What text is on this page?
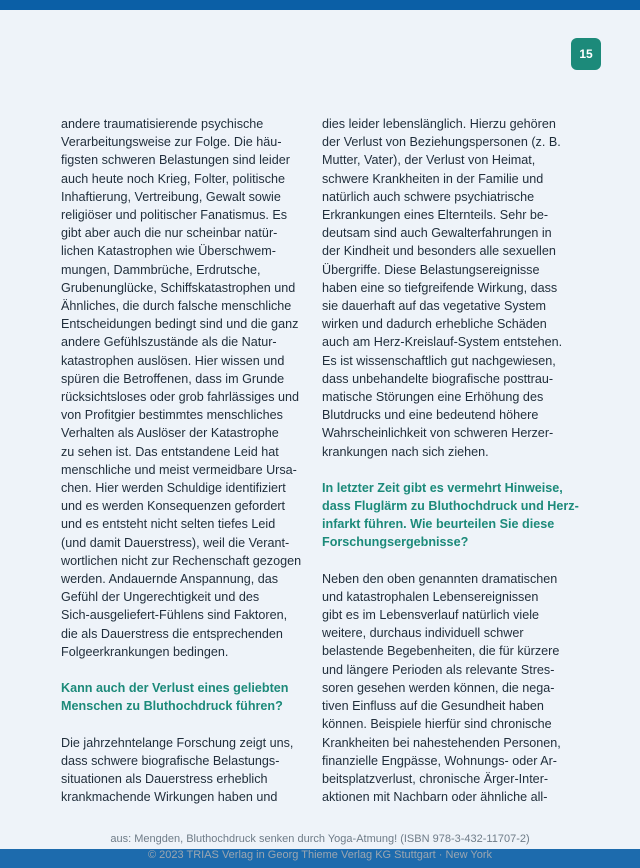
15

andere traumatisierende psychische

Verarbeitungsweise zur Folge. Die häu-

figsten schweren Belastungen sind leider

auch heute noch Krieg, Folter, politische

Inhaftierung, Vertreibung, Gewalt sowie

religiöser und politischer Fanatismus. Es

gibt aber auch die nur scheinbar natür-

lichen Katastrophen wie Überschwem-

mungen, Dammbrüche, Erdrutsche,

Grubenunglücke, Schiffskatastrophen und

Ähnliches, die durch falsche menschliche

Entscheidungen bedingt sind und die ganz

andere Gefühlszustände als die Natur-

katastrophen auslösen. Hier wissen und

spüren die Betroffenen, dass im Grunde

rücksichtsloses oder grob fahrlässiges und

von Profitgier bestimmtes menschliches

Verhalten als Auslöser der Katastrophe

zu sehen ist. Das entstandene Leid hat

menschliche und meist vermeidbare Ursa-

chen. Hier werden Schuldige identifiziert

und es werden Konsequenzen gefordert

und es entsteht nicht selten tiefes Leid

(und damit Dauerstress), weil die Verant-

wortlichen nicht zur Rechenschaft gezogen

werden. Andauernde Anspannung, das

Gefühl der Ungerechtigkeit und des

Sich-ausgeliefert-Fühlens sind Faktoren,

die als Dauerstress die entsprechenden

Folgeerkrankungen bedingen.

Kann auch der Verlust eines geliebten

Menschen zu Bluthochdruck führen?

Die jahrzehntelange Forschung zeigt uns,

dass schwere biografische Belastungs-

situationen als Dauerstress erheblich

krankmachende Wirkungen haben und

dies leider lebenslänglich. Hierzu gehören

der Verlust von Beziehungspersonen (z. B.

Mutter, Vater), der Verlust von Heimat,

schwere Krankheiten in der Familie und

natürlich auch schwere psychiatrische

Erkrankungen eines Elternteils. Sehr be-

deutsam sind auch Gewalterfahrungen in

der Kindheit und besonders alle sexuellen

Übergriffe. Diese Belastungsereignisse

haben eine so tiefgreifende Wirkung, dass

sie dauerhaft auf das vegetative System

wirken und dadurch erhebliche Schäden

auch am Herz-Kreislauf-System entstehen.

Es ist wissenschaftlich gut nachgewiesen,

dass unbehandelte biografische posttrau-

matische Störungen eine Erhöhung des

Blutdrucks und eine bedeutend höhere

Wahrscheinlichkeit von schweren Herzer-

krankungen nach sich ziehen.

In letzter Zeit gibt es vermehrt Hinweise,

dass Fluglärm zu Bluthochdruck und Herz-

infarkt führen. Wie beurteilen Sie diese

Forschungsergebnisse?

Neben den oben genannten dramatischen

und katastrophalen Lebensereignissen

gibt es im Lebensverlauf natürlich viele

weitere, durchaus individuell schwer

belastende Begebenheiten, die für kürzere

und längere Perioden als relevante Stres-

soren gesehen werden können, die nega-

tiven Einfluss auf die Gesundheit haben

können. Beispiele hierfür sind chronische

Krankheiten bei nahestehenden Personen,

finanzielle Engpässe, Wohnungs- oder Ar-

beitsplatzverlust, chronische Ärger-Inter-

aktionen mit Nachbarn oder ähnliche all-

aus: Mengden, Bluthochdruck senken durch Yoga-Atmung! (ISBN 978-3-432-11707-2)
© 2023 TRIAS Verlag in Georg Thieme Verlag KG Stuttgart · New York
